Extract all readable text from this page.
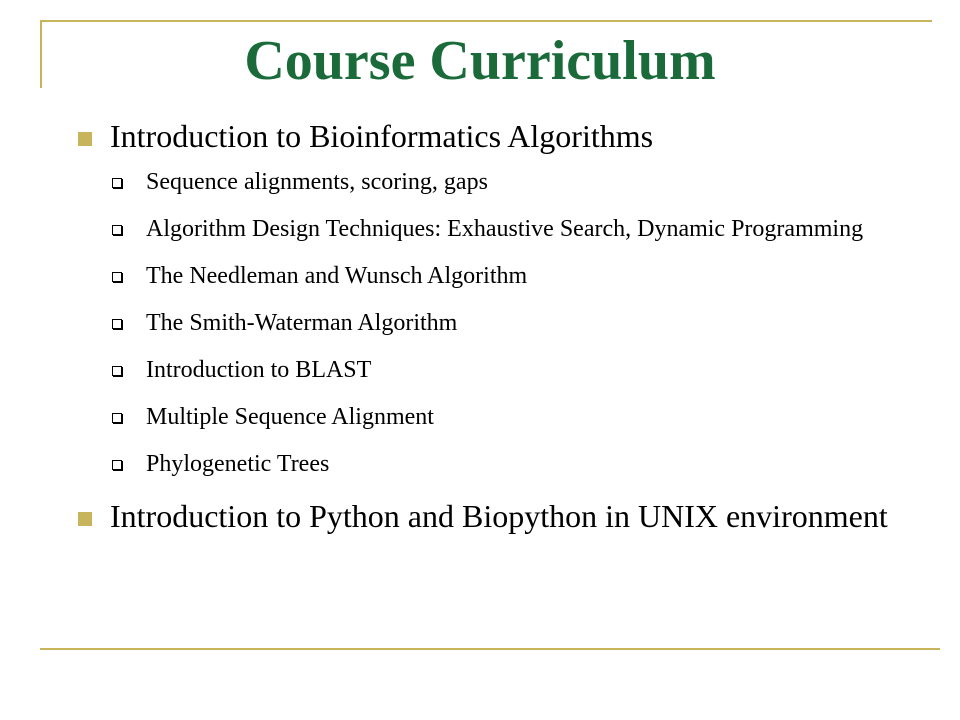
Course Curriculum
Introduction to Bioinformatics Algorithms
Sequence alignments, scoring, gaps
Algorithm Design Techniques: Exhaustive Search, Dynamic Programming
The Needleman and Wunsch Algorithm
The Smith-Waterman Algorithm
Introduction to BLAST
Multiple Sequence Alignment
Phylogenetic Trees
Introduction to Python and Biopython in UNIX environment
